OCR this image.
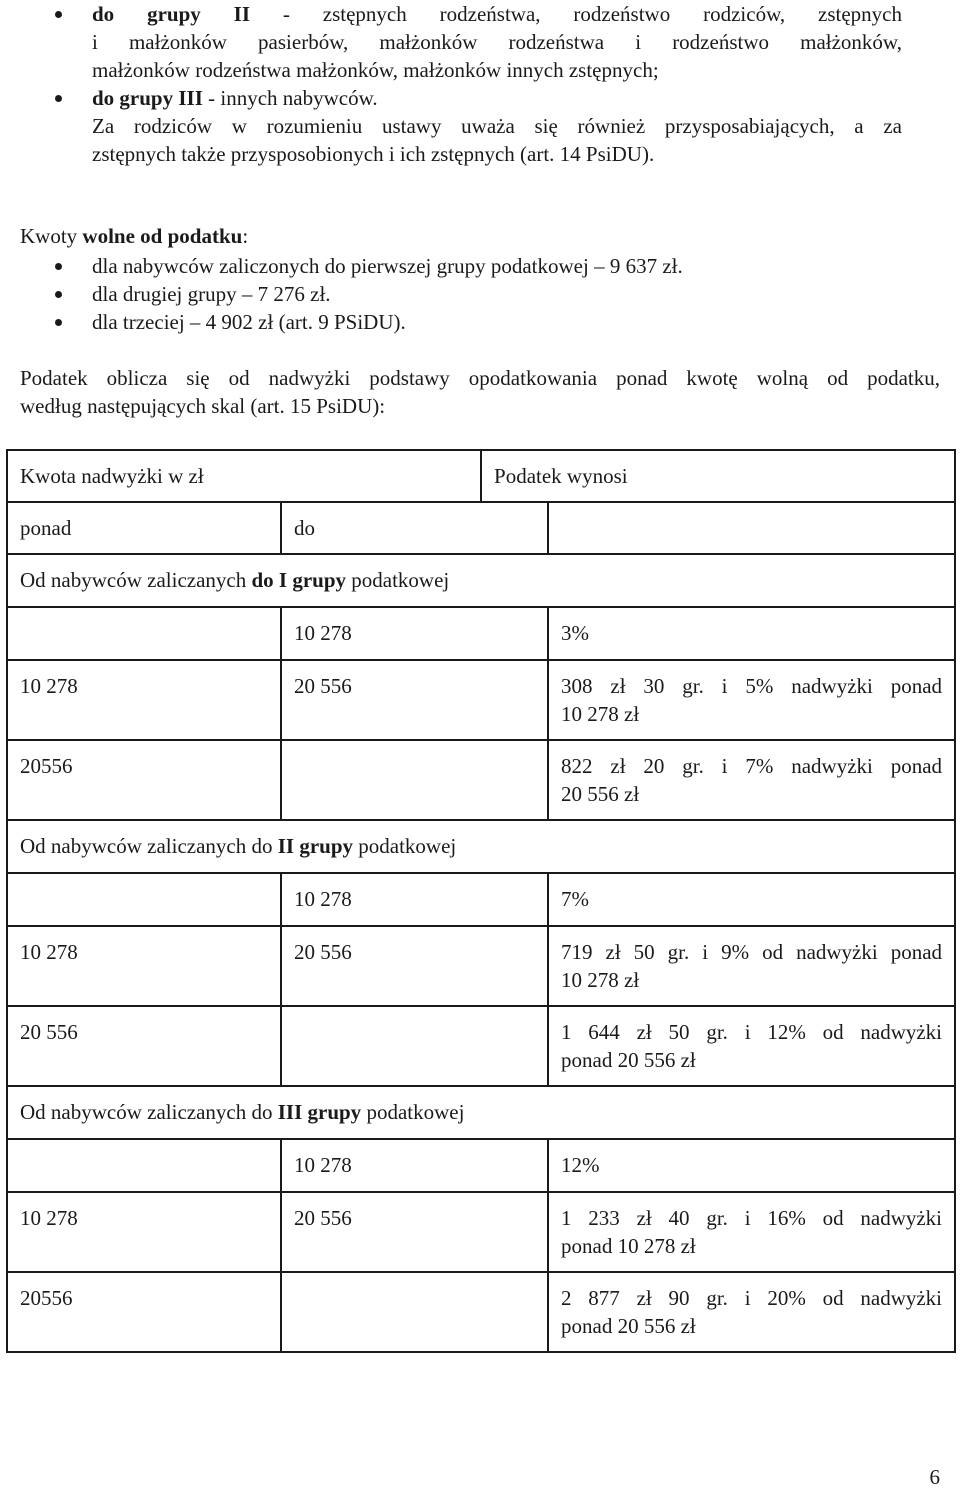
do grupy II - zstępnych rodzeństwa, rodzeństwo rodziców, zstępnych
i małżonków pasierbów, małżonków rodzeństwa i rodzeństwo małżonków,
małżonków rodzeństwa małżonków, małżonków innych zstępnych;
do grupy III - innych nabywców.
Za rodziców w rozumieniu ustawy uważa się również przysposabiających, a za
zstępnych także przysposobionych i ich zstępnych (art. 14 PsiDU).
Kwoty wolne od podatku:
dla nabywców zaliczonych do pierwszej grupy podatkowej – 9 637 zł.
dla drugiej grupy – 7 276 zł.
dla trzeciej – 4 902 zł (art. 9 PSiDU).
Podatek oblicza się od nadwyżki podstawy opodatkowania ponad kwotę wolną od podatku,
według następujących skal (art. 15 PsiDU):
Kwota nadwyżki w zł		Podatek wynosi	
ponad	do		
Od nabywców zaliczanych do I grupy podatkowej			
	10 278		3%

10 278	20 556		308 zł 30 gr. i 5% nadwyżki ponad
10 278 zł

20556			822 zł 20 gr. i 7% nadwyżki ponad
20 556 zł

Od nabywców zaliczanych do II grupy podatkowej			
	10 278		7%

10 278	20 556		719 zł 50 gr. i 9% od nadwyżki ponad
10 278 zł

20 556			1 644 zł 50 gr. i 12% od nadwyżki
ponad 20 556 zł

Od nabywców zaliczanych do III grupy podatkowej			
	10 278		12%

10 278	20 556		1 233 zł 40 gr. i 16% od nadwyżki
ponad 10 278 zł

20556			2 877 zł 90 gr. i 20% od nadwyżki
ponad 20 556 zł
6
